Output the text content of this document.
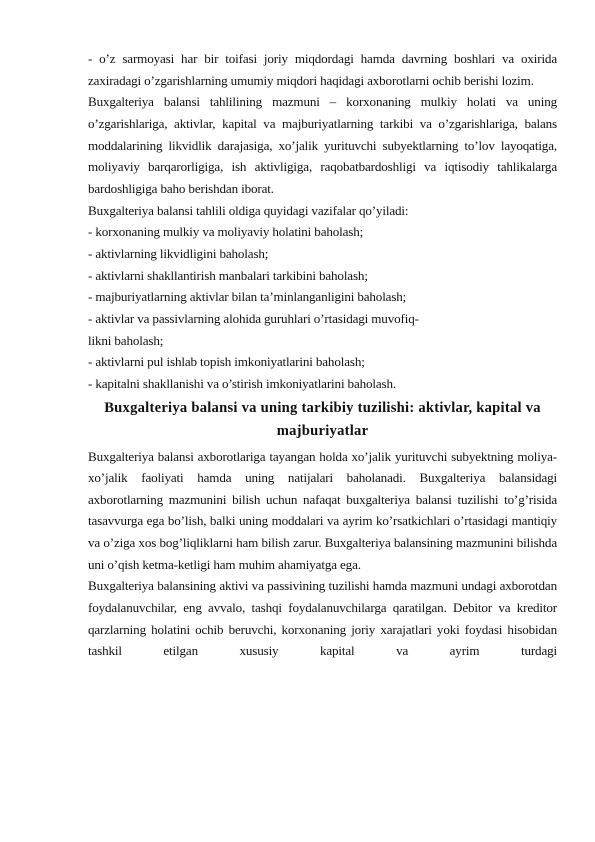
- o’z sarmoyasi har bir toifasi joriy miqdordagi hamda davrning boshlari va oxirida zaxiradagi o’zgarishlarning umumiy miqdori haqidagi axborotlarni ochib berishi lozim.

Buxgalteriya balansi tahlilining mazmuni – korxonaning mulkiy holati va uning o’zgarishlariga, aktivlar, kapital va majburiyatlarning tarkibi va o’zgarishlariga, balans moddalarining likvidlik darajasiga, xo’jalik yurituvchi subyektlarning to’lov layoqatiga, moliyaviy barqarorligiga, ish aktivligiga, raqobatbardoshligi va iqtisodiy tahlikalarga bardoshligiga baho berishdan iborat.

Buxgalteriya balansi tahlili oldiga quyidagi vazifalar qo’yiladi:

- korxonaning mulkiy va moliyaviy holatini baholash;

- aktivlarning likvidligini baholash;

- aktivlarni shakllantirish manbalari tarkibini baholash;

- majburiyatlarning aktivlar bilan ta’minlanganligini baholash;

- aktivlar va passivlarning alohida guruhlari o’rtasidagi muvofiq-

likni baholash;

- aktivlarni pul ishlab topish imkoniyatlarini baholash;

- kapitalni shakllanishi va o’stirish imkoniyatlarini baholash.

Buxgalteriya balansi va uning tarkibiy tuzilishi: aktivlar, kapital va majburiyatlar

Buxgalteriya balansi axborotlariga tayangan holda xo’jalik yurituvchi subyektning moliya-xo’jalik faoliyati hamda uning natijalari baholanadi. Buxgalteriya balansidagi axborotlarning mazmunini bilish uchun nafaqat buxgalteriya balansi tuzilishi to’g’risida tasavvurga ega bo’lish, balki uning moddalari va ayrim ko’rsatkichlari o’rtasidagi mantiqiy va o’ziga xos bog’liqliklarni ham bilish zarur. Buxgalteriya balansining mazmunini bilishda uni o’qish ketma-ketligi ham muhim ahamiyatga ega.

Buxgalteriya balansining aktivi va passivining tuzilishi hamda mazmuni undagi axborotdan foydalanuvchilar, eng avvalo, tashqi foydalanuvchilarga qaratilgan. Debitor va kreditor qarzlarning holatini ochib beruvchi, korxonaning joriy xarajatlari yoki foydasi hisobidan tashkil etilgan xususiy kapital va ayrim turdagi
